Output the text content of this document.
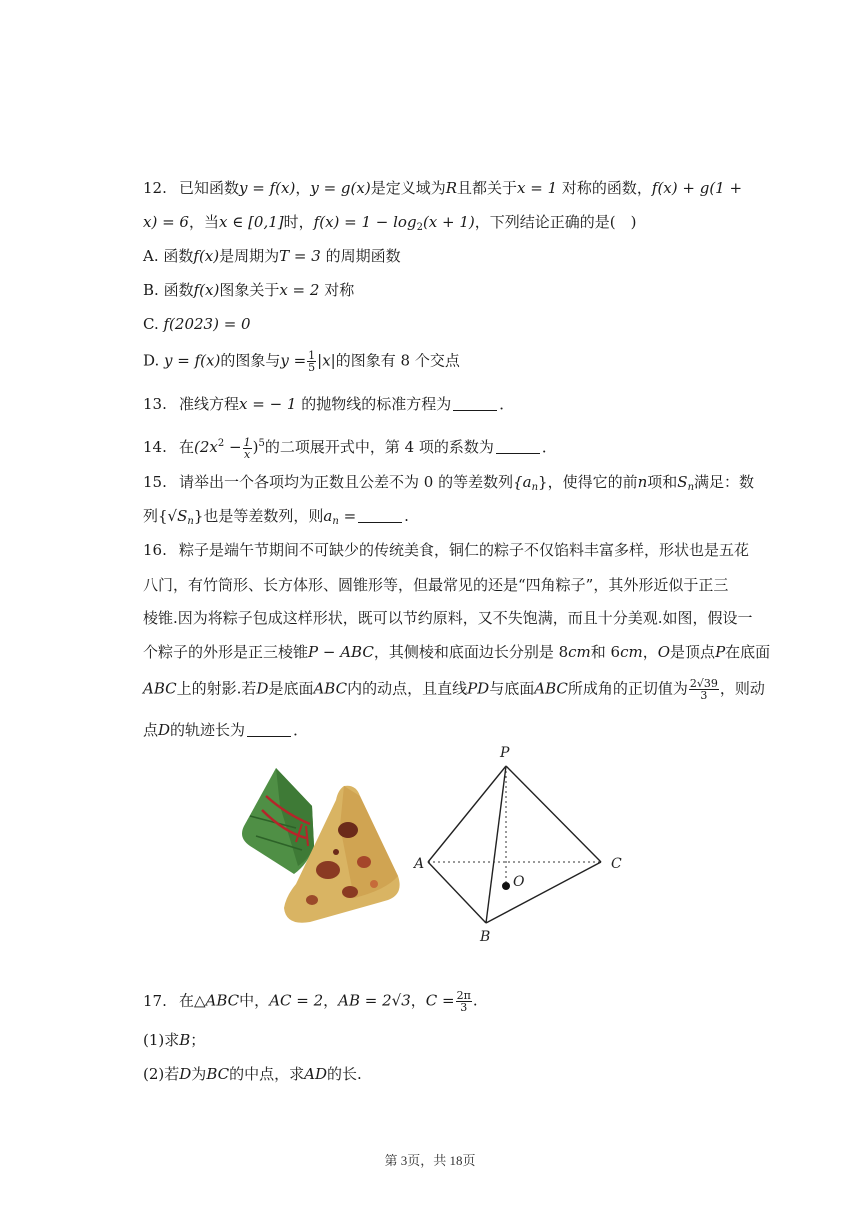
12. 已知函数y = f(x)，y = g(x)是定义域为R且都关于x = 1 对称的函数，f(x) + g(1 +
x) = 6，当x ∈ [0,1]时，$f(x) = 1 - \log_2(x + 1)$，下列结论正确的是(　)
A. 函数f(x)是周期为T = 3 的周期函数
B. 函数f(x)图象关于x = 2 对称
C. f(2023) = 0
D. y = f(x)的图象与$y = \frac{1}{5} |x|$的图象有 8 个交点
13. 准线方程x = − 1 的抛物线的标准方程为	．
14. 在$(2x^2 - \frac{1}{x} )^5$的二项展开式中，第 4 项的系数为	．
15. 请举出一个各项均为正数且公差不为 0 的等差数列$\{a_n\}$，使得它的前n项和$S_n$满足：数
列$\{√S_n\}$也是等差数列，则$a_n$ =	.
16. 粽子是端午节期间不可缺少的传统美食，铜仁的粽子不仅馅料丰富多样，形状也是五花
八门，有竹筒形、长方体形、圆锥形等，但最常见的还是“四角粽子”，其外形近似于正三
棱锥.因为将粽子包成这样形状，既可以节约原料，又不失饱满，而且十分美观.如图，假设一
个粽子的外形是正三棱锥P − ABC，其侧棱和底面边长分别是 8cm和 6cm，O是顶点P在底面
ABC上的射影.若D是底面ABC内的动点，且直线PD与底面ABC所成角的正切值为 $\frac{2√39}{3}$ ，则动
点D的轨迹长为	．
P
A
B
C
O
17. 在△ABC中，AC = 2，AB = 2√3，$C = \frac{2\pi}{3}$ .
(1)求B；
(2)若D为BC的中点，求AD的长.
第 3页，共 18页
